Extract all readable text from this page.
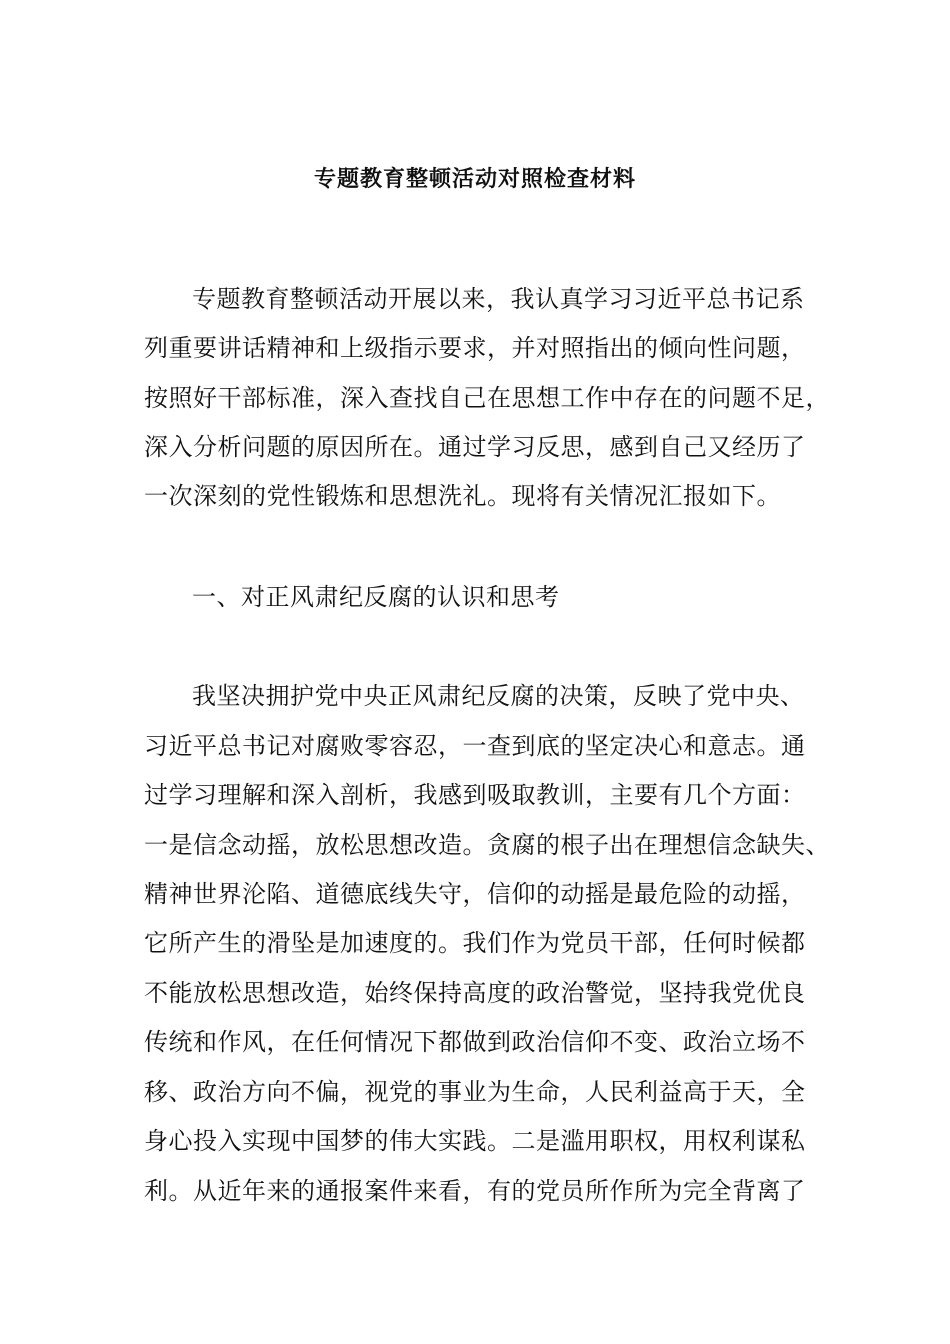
专题教育整顿活动对照检查材料
专题教育整顿活动开展以来，我认真学习习近平总书记系
列重要讲话精神和上级指示要求，并对照指出的倾向性问题，
按照好干部标准，深入查找自己在思想工作中存在的问题不足，
深入分析问题的原因所在。通过学习反思，感到自己又经历了
一次深刻的党性锻炼和思想洗礼。现将有关情况汇报如下。
一、对正风肃纪反腐的认识和思考
我坚决拥护党中央正风肃纪反腐的决策，反映了党中央、
习近平总书记对腐败零容忍，一查到底的坚定决心和意志。通
过学习理解和深入剖析，我感到吸取教训，主要有几个方面：
一是信念动摇，放松思想改造。贪腐的根子出在理想信念缺失、
精神世界沦陷、道德底线失守，信仰的动摇是最危险的动摇，
它所产生的滑坠是加速度的。我们作为党员干部，任何时候都
不能放松思想改造，始终保持高度的政治警觉，坚持我党优良
传统和作风，在任何情况下都做到政治信仰不变、政治立场不
移、政治方向不偏，视党的事业为生命，人民利益高于天，全
身心投入实现中国梦的伟大实践。二是滥用职权，用权利谋私
利。从近年来的通报案件来看，有的党员所作所为完全背离了
